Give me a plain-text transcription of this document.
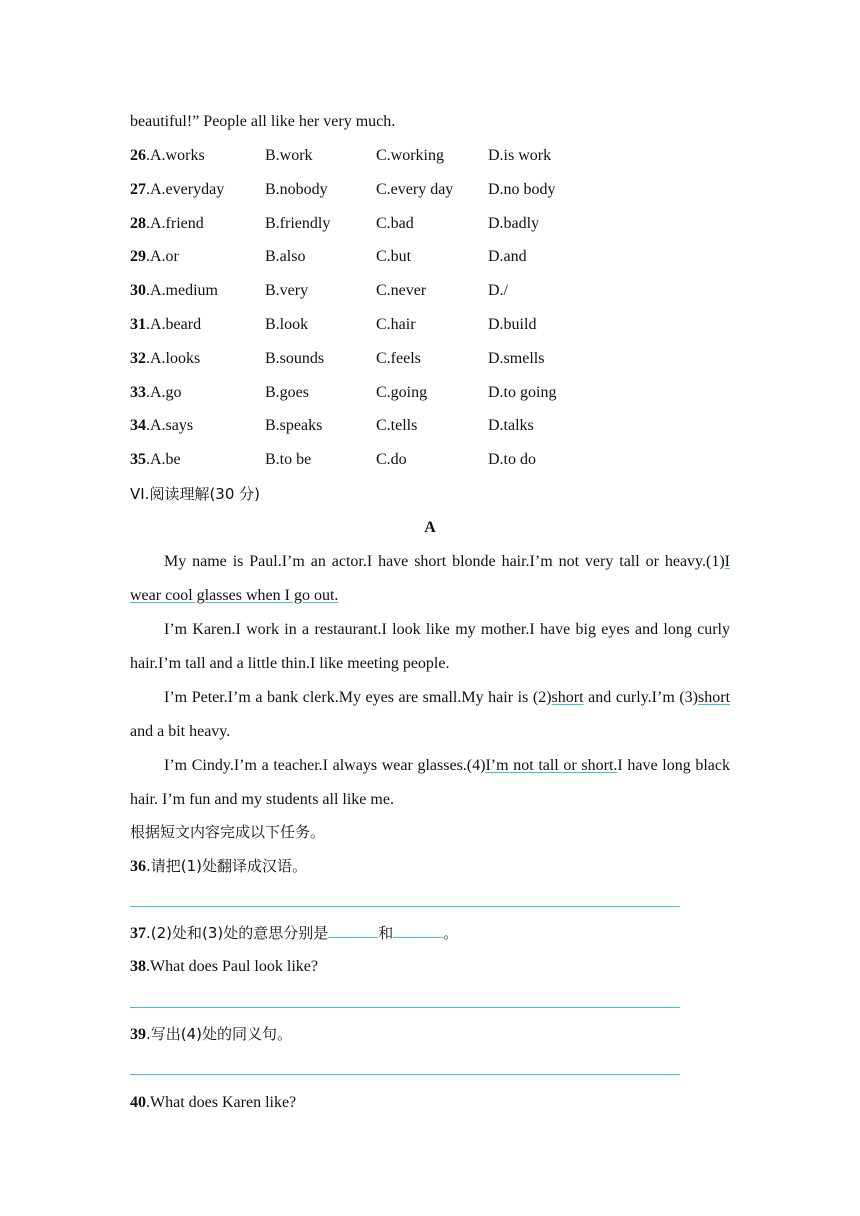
beautiful!” People all like her very much.
26.A.works	B.work	C.working	D.is work
27.A.everyday	B.nobody	C.every day D.no body
28.A.friend	B.friendly	C.bad	D.badly
29.A.or	B.also	C.but	D.and
30.A.medium	B.very	C.never	D./
31.A.beard	B.look	C.hair	D.build
32.A.looks	B.sounds	C.feels	D.smells
33.A.go	B.goes	C.going	D.to going
34.A.says	B.speaks	C.tells	D.talks
35.A.be	B.to be	C.do	D.to do
VI.阅读理解(30 分)
A

My name is Paul.I’m an actor.I have short blonde hair.I’m not very tall or heavy.(1)I wear cool glasses when I go out.

I’m Karen.I work in a restaurant.I look like my mother.I have big eyes and long curly hair.I’m tall and a little thin.I like meeting people.

I’m Peter.I’m a bank clerk.My eyes are small.My hair is (2)short and curly.I’m (3)short and a bit heavy.

I’m Cindy.I’m a teacher.I always wear glasses.(4)I’m not tall or short.I have long black hair. I’m fun and my students all like me.

根据短文内容完成以下任务。
36.请把(1)处翻译成汉语。
37.(2)处和(3)处的意思分别是	和	。
38.What does Paul look like?
39.写出(4)处的同义句。
40.What does Karen like?
